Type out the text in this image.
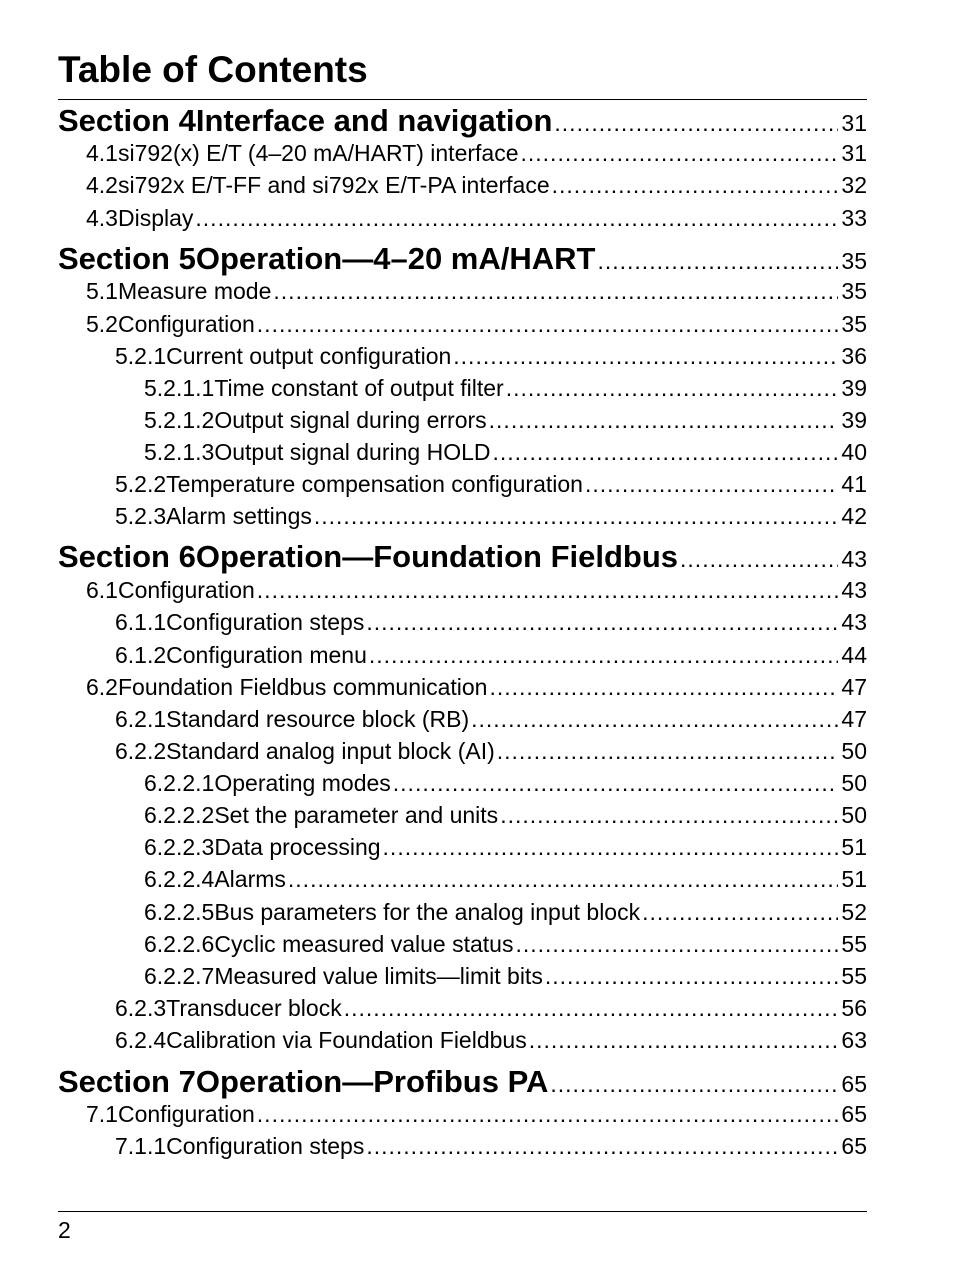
Table of Contents
Section 4 Interface and navigation .....	31
4.1 si792(x) E/T (4–20 mA/HART) interface .....	31
4.2 si792x E/T-FF and si792x E/T-PA interface .....	32
4.3 Display .....	33
Section 5 Operation—4–20 mA/HART .....	35
5.1 Measure mode .....	35
5.2 Configuration .....	35
5.2.1 Current output configuration .....	36
5.2.1.1 Time constant of output filter .....	39
5.2.1.2 Output signal during errors .....	39
5.2.1.3 Output signal during HOLD .....	40
5.2.2 Temperature compensation configuration .....	41
5.2.3 Alarm settings .....	42
Section 6 Operation—Foundation Fieldbus .....	43
6.1 Configuration .....	43
6.1.1 Configuration steps .....	43
6.1.2 Configuration menu .....	44
6.2 Foundation Fieldbus communication .....	47
6.2.1 Standard resource block (RB) .....	47
6.2.2 Standard analog input block (AI) .....	50
6.2.2.1 Operating modes .....	50
6.2.2.2 Set the parameter and units .....	50
6.2.2.3 Data processing .....	51
6.2.2.4 Alarms .....	51
6.2.2.5 Bus parameters for the analog input block .....	52
6.2.2.6 Cyclic measured value status .....	55
6.2.2.7 Measured value limits—limit bits .....	55
6.2.3 Transducer block .....	56
6.2.4 Calibration via Foundation Fieldbus .....	63
Section 7 Operation—Profibus PA .....	65
7.1 Configuration .....	65
7.1.1 Configuration steps .....	65
2
